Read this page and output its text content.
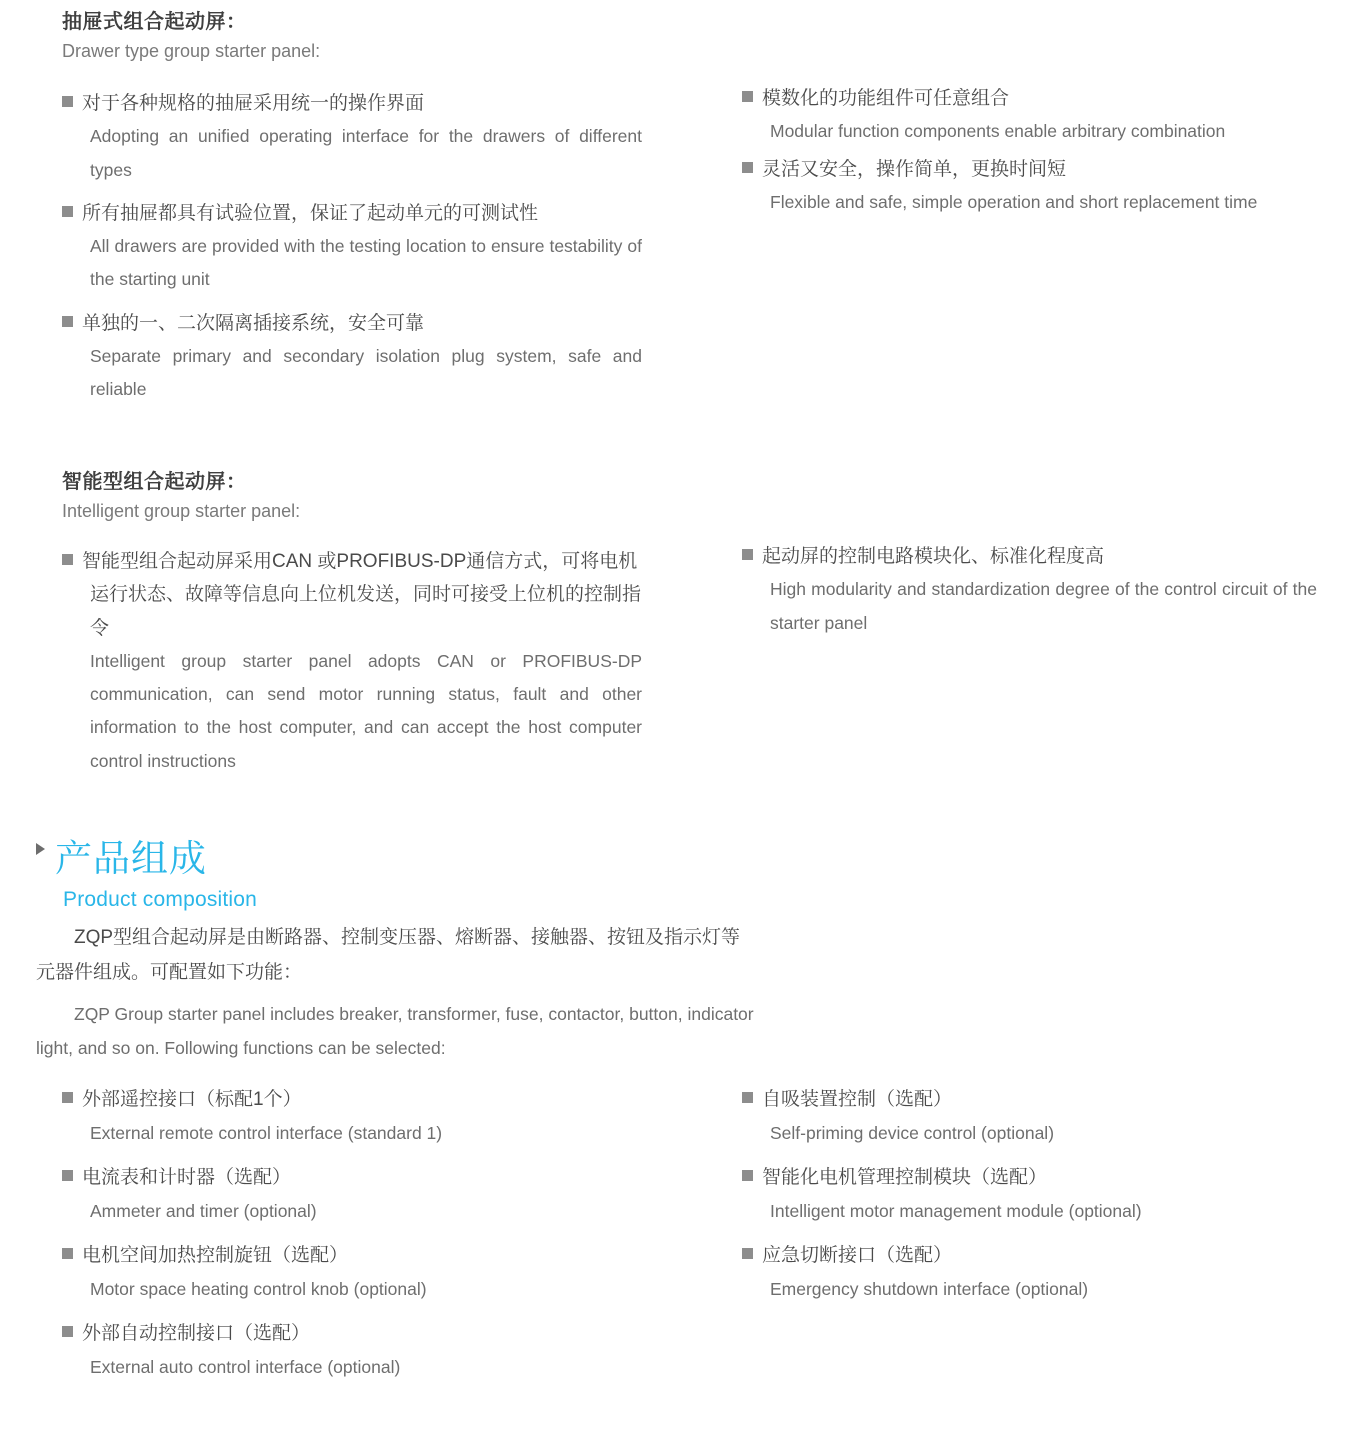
抽屉式组合起动屏：
Drawer type group starter panel:
对于各种规格的抽屉采用统一的操作界面
Adopting an unified operating interface for the drawers of different types
所有抽屉都具有试验位置，保证了起动单元的可测试性
All drawers are provided with the testing location to ensure testability of the starting unit
单独的一、二次隔离插接系统，安全可靠
Separate primary and secondary isolation plug system, safe and reliable
模数化的功能组件可任意组合
Modular function components enable arbitrary combination
灵活又安全，操作简单，更换时间短
Flexible and safe, simple operation and short replacement time
智能型组合起动屏：
Intelligent group starter panel:
智能型组合起动屏采用CAN 或PROFIBUS-DP通信方式，可将电机运行状态、故障等信息向上位机发送，同时可接受上位机的控制指令
Intelligent group starter panel adopts CAN or PROFIBUS-DP communication, can send motor running status, fault and other information to the host computer, and can accept the host computer control instructions
起动屏的控制电路模块化、标准化程度高
High modularity and standardization degree of the control circuit of the starter panel
产品组成
Product composition
ZQP型组合起动屏是由断路器、控制变压器、熔断器、接触器、按钮及指示灯等
元器件组成。可配置如下功能：
ZQP Group starter panel includes breaker, transformer, fuse, contactor, button, indicator
light, and so on. Following functions can be selected:
外部遥控接口（标配1个）
External remote control interface (standard 1)
电流表和计时器（选配）
Ammeter and timer (optional)
电机空间加热控制旋钮（选配）
Motor space heating control knob (optional)
外部自动控制接口（选配）
External auto control interface (optional)
自吸装置控制（选配）
Self-priming device control (optional)
智能化电机管理控制模块（选配）
Intelligent motor management module (optional)
应急切断接口（选配）
Emergency shutdown interface (optional)
